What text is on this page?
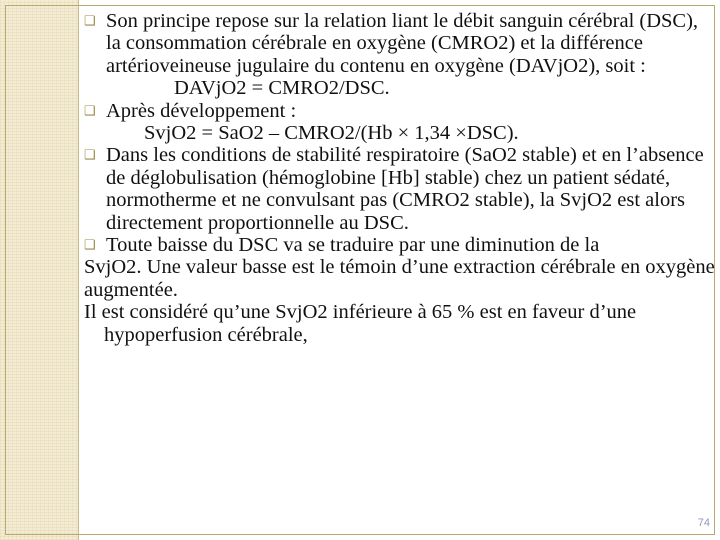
❑ Son principe repose sur la relation liant le débit sanguin cérébral (DSC), la consommation cérébrale en oxygène (CMRO2) et la différence artérioveineuse jugulaire du contenu en oxygène (DAVjO2), soit :
DAVjO2 = CMRO2/DSC.
❑ Après développement :
SvjO2 = SaO2 – CMRO2/(Hb × 1,34 ×DSC).
❑ Dans les conditions de stabilité respiratoire (SaO2 stable) et en l’absence de déglobulisation (hémoglobine [Hb] stable) chez un patient sédaté, normotherme et ne convulsant pas (CMRO2 stable), la SvjO2 est alors directement proportionnelle au DSC.
❑ Toute baisse du DSC va se traduire par une diminution de la
SvjO2. Une valeur basse est le témoin d’une extraction cérébrale en oxygène augmentée.
Il est considéré qu’une SvjO2 inférieure à 65 % est en faveur d’une hypoperfusion cérébrale,
74
